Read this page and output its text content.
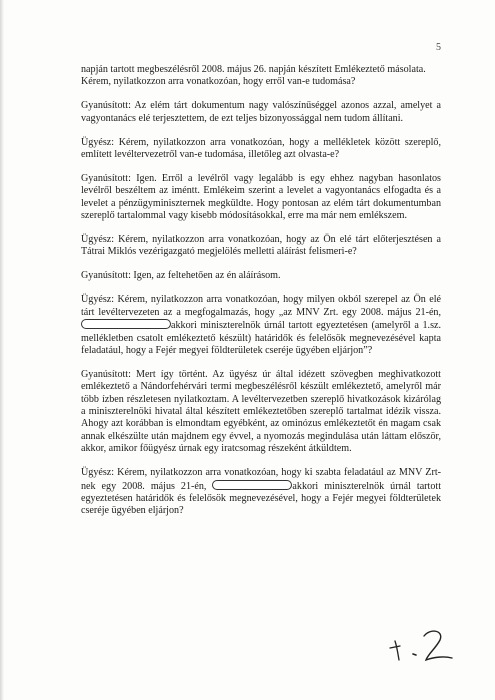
5

napján tartott megbeszélésről 2008. május 26. napján készített Emlékeztető másolata.

Kérem, nyilatkozzon arra vonatkozóan, hogy erről van-e tudomása?

Gyanúsított: Az elém tárt dokumentum nagy valószínűséggel azonos azzal, amelyet a vagyontanács elé terjesztettem, de ezt teljes bizonyossággal nem tudom állítani.

Ügyész: Kérem, nyilatkozzon arra vonatkozóan, hogy a mellékletek között szereplő, említett levéltervezetről van-e tudomása, illetőleg azt olvasta-e?

Gyanúsított: Igen. Erről a levélről vagy legalább is egy ehhez nagyban hasonlatos levélről beszéltem az iméntt. Emlékeim szerint a levelet a vagyontanács elfogadta és a levelet a pénzügyminiszternek megküldte. Hogy pontosan az elém tárt dokumentumban szereplő tartalommal vagy kisebb módosításokkal, erre ma már nem emlékszem.

Ügyész: Kérem, nyilatkozzon arra vonatkozóan, hogy az Ön elé tárt előterjesztésen a Tátrai Miklós vezérigazgató megjelölés melletti aláírást felismeri-e?

Gyanúsított: Igen, az feltehetően az én aláírásom.

Ügyész: Kérem, nyilatkozzon arra vonatkozóan, hogy milyen okból szerepel az Ön elé tárt levéltervezeten az a megfogalmazás, hogy „az MNV Zrt. egy 2008. május 21-én, akkori miniszterelnök úrnál tartott egyeztetésen (amelyről a 1.sz. mellékletben csatolt emlékeztető készült) határidők és felelősök megnevezésével kapta feladatául, hogy a Fejér megyei földterületek cseréje ügyében eljárjon”?

Gyanúsított: Mert így történt. Az ügyész úr által idézett szövegben meghivatkozott emlékeztető a Nándorfehérvári termi megbeszélésről készült emlékeztető, amelyről már több ízben részletesen nyilatkoztam. A levéltervezetben szereplő hivatkozások kizárólag a miniszterelnöki hivatal által készített emlékeztetőben szereplő tartalmat idézik vissza. Ahogy azt korábban is elmondtam egyébként, az ominózus emlékeztetőt én magam csak annak elkészülte után majdnem egy évvel, a nyomozás megindulása után láttam először, akkor, amikor főügyész úrnak egy iratcsomag részeként átküldtem.

Ügyész: Kérem, nyilatkozzon arra vonatkozóan, hogy ki szabta feladatául az MNV Zrt-nek egy 2008. május 21-én,	akkori miniszterelnök úrnál tartott egyeztetésen határidők és felelősök megnevezésével, hogy a Fejér megyei földterületek cseréje ügyében eljárjon?
